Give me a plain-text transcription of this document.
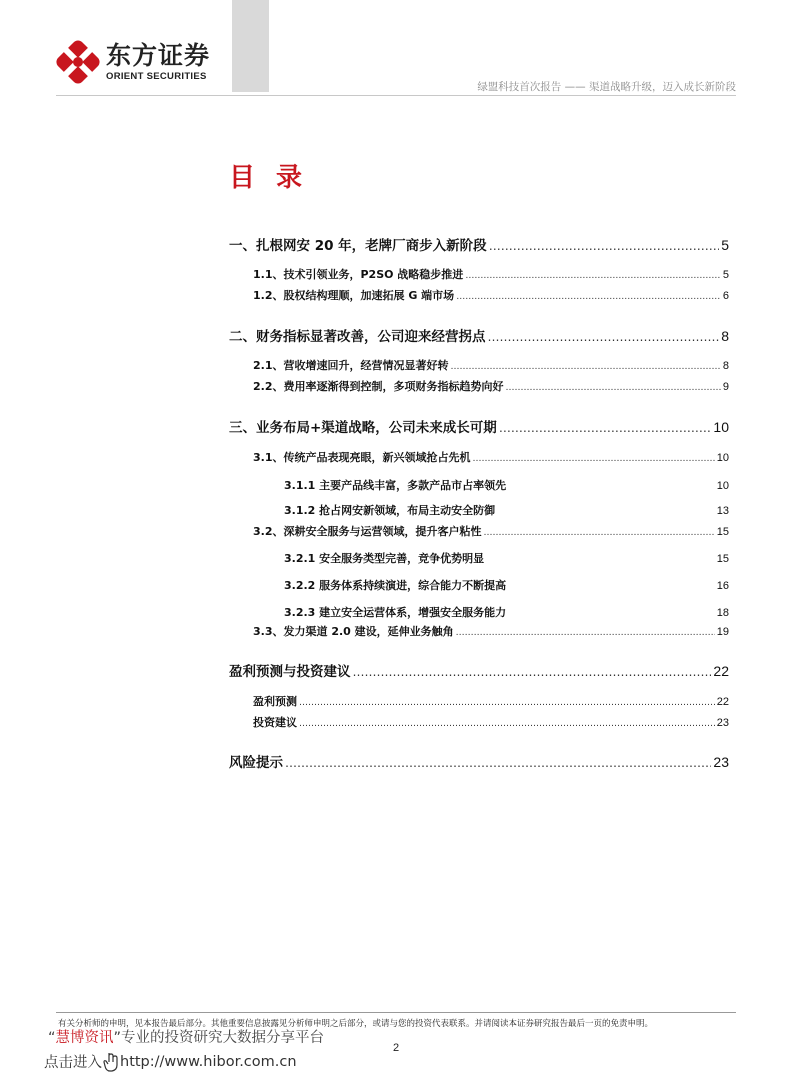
东方证券
ORIENT SECURITIES
绿盟科技首次报告 —— 渠道战略升级，迈入成长新阶段
目 录
一、扎根网安 20 年，老牌厂商步入新阶段 …………………………………………………………………………………………………………………………………………………………………………………………………………	5
1.1、技术引领业务，P2SO 战略稳步推进 …………………………………………………………………………………………………………………………………………………………………………………………………………	5
1.2、股权结构理顺，加速拓展 G 端市场 …………………………………………………………………………………………………………………………………………………………………………………………………………	6
二、财务指标显著改善，公司迎来经营拐点 …………………………………………………………………………………………………………………………………………………………………………………………………………	8
2.1、营收增速回升，经营情况显著好转 …………………………………………………………………………………………………………………………………………………………………………………………………………	8
2.2、费用率逐渐得到控制，多项财务指标趋势向好 …………………………………………………………………………………………………………………………………………………………………………………………………………	9
三、业务布局+渠道战略，公司未来成长可期 …………………………………………………………………………………………………………………………………………………………………………………………………………	10
3.1、传统产品表现亮眼，新兴领域抢占先机 …………………………………………………………………………………………………………………………………………………………………………………………………………	10
3.1.1 主要产品线丰富，多款产品市占率领先	10
3.1.2 抢占网安新领域，布局主动安全防御	13
3.2、深耕安全服务与运营领域，提升客户粘性 …………………………………………………………………………………………………………………………………………………………………………………………………………	15
3.2.1 安全服务类型完善，竞争优势明显	15
3.2.2 服务体系持续演进，综合能力不断提高	16
3.2.3 建立安全运营体系，增强安全服务能力	18
3.3、发力渠道 2.0 建设，延伸业务触角 …………………………………………………………………………………………………………………………………………………………………………………………………………	19
盈利预测与投资建议 …………………………………………………………………………………………………………………………………………………………………………………………………………	22
盈利预测 …………………………………………………………………………………………………………………………………………………………………………………………………………	22
投资建议 …………………………………………………………………………………………………………………………………………………………………………………………………………	23
风险提示 …………………………………………………………………………………………………………………………………………………………………………………………………………	23
有关分析师的申明，见本报告最后部分。其他重要信息披露见分析师申明之后部分，或请与您的投资代表联系。并请阅读本证券研究报告最后一页的免责申明。
2
“慧博资讯”专业的投资研究大数据分享平台
点击进入 http://www.hibor.com.cn
